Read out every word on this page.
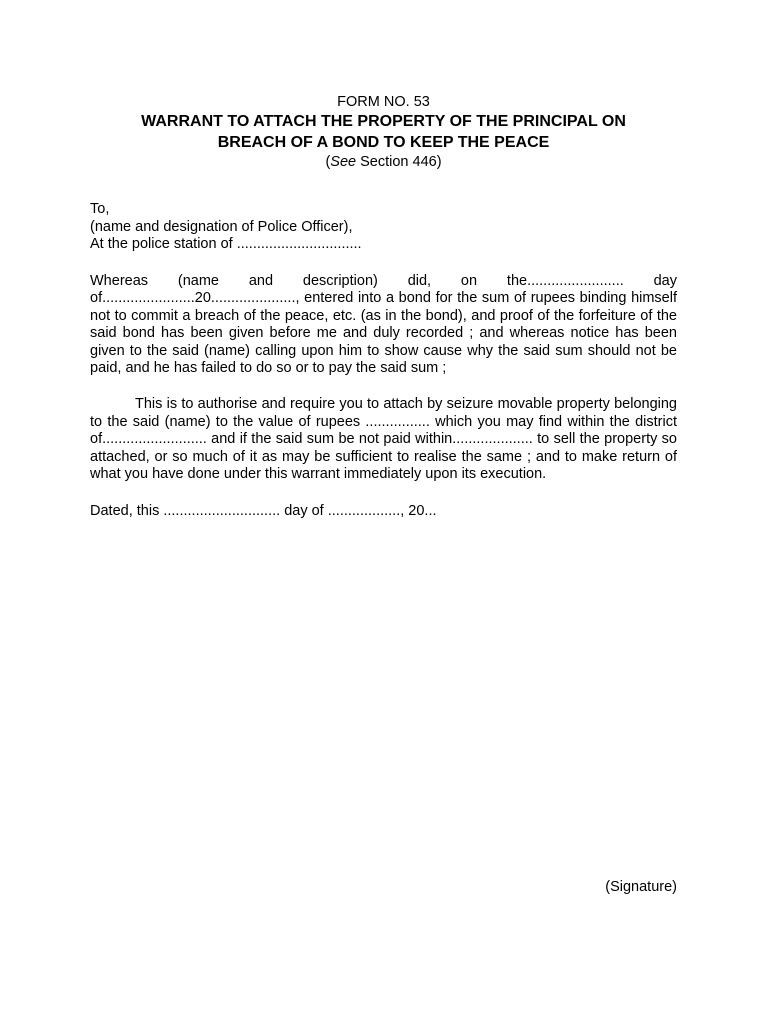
FORM NO. 53
WARRANT TO ATTACH THE PROPERTY OF THE PRINCIPAL ON
BREACH OF A BOND TO KEEP THE PEACE
(See Section 446)
To,
(name and designation of Police Officer),
At the police station of ...............................

Whereas (name and description) did, on the........................ day of.......................20....................., entered into a bond for the sum of rupees binding himself not to commit a breach of the peace, etc. (as in the bond), and proof of the forfeiture of the said bond has been given before me and duly recorded ; and whereas notice has been given to the said (name) calling upon him to show cause why the said sum should not be paid, and he has failed to do so or to pay the said sum ;

This is to authorise and require you to attach by seizure movable property belonging to the said (name) to the value of rupees ................ which you may find within the district of.......................... and if the said sum be not paid within.................... to sell the property so attached, or so much of it as may be sufficient to realise the same ; and to make return of what you have done under this warrant immediately upon its execution.

Dated, this ............................. day of .................., 20...
(Signature)
